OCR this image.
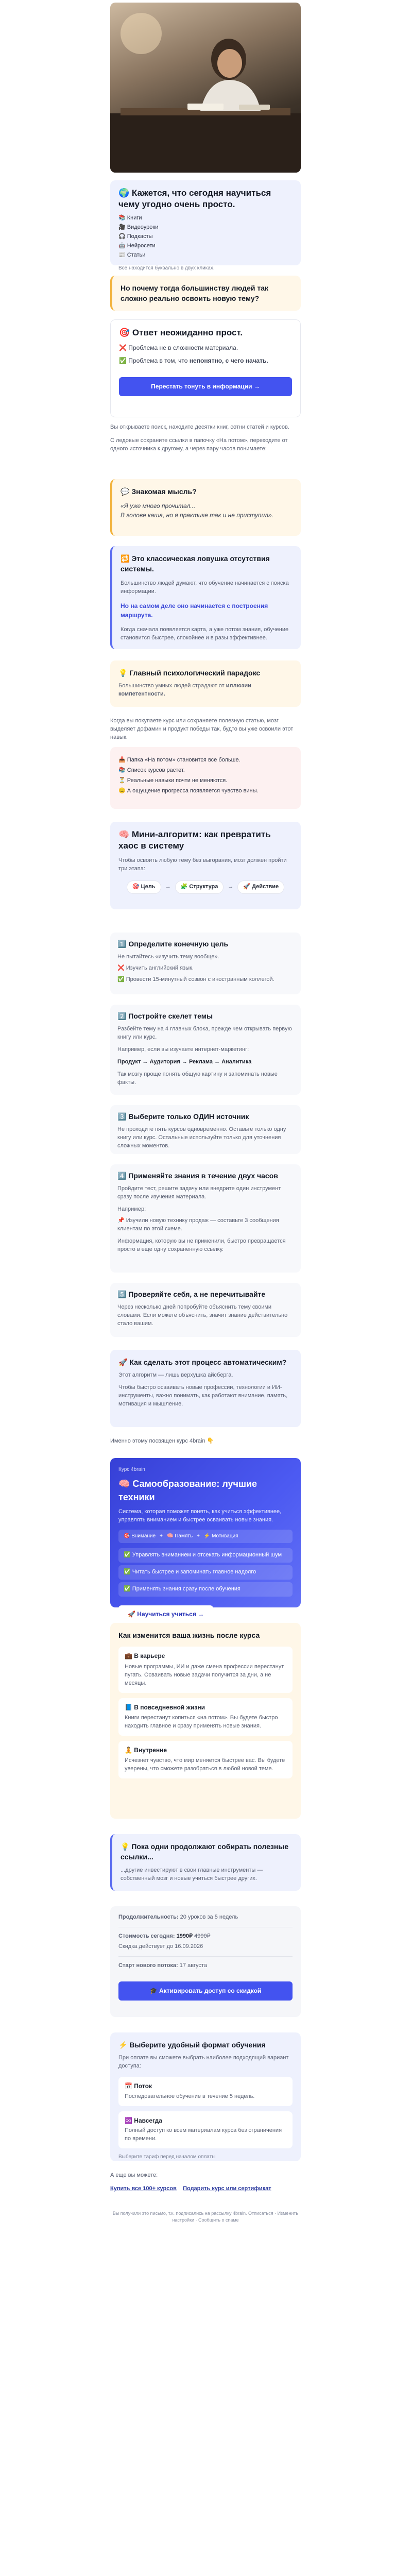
🌍 Кажется, что сегодня научиться чему угодно очень просто.
📚 Книги
🎥 Видеоуроки
🎧 Подкасты
🤖 Нейросети
📰 Статьи
Все находится буквально в двух кликах.
Но почему тогда большинству людей так сложно реально освоить новую тему?
🎯 Ответ неожиданно прост.
❌ Проблема не в сложности материала.
✅ Проблема в том, что непонятно, с чего начать.
Перестать тонуть в информации →
Вы открываете поиск, находите десятки книг, сотни статей и курсов.
С ледовые сохраните ссылки в папочку «На потом», переходите от одного источника к другому, а через пару часов понимаете:
💬 Знакомая мысль?
«Я уже много прочитал...
В голове каша, но я практике так и не приступил».
🔁 Это классическая ловушка отсутствия системы.
Большинство людей думают, что обучение начинается с поиска информации.
Но на самом деле оно начинается с построения маршрута.
Когда сначала появляется карта, а уже потом знания, обучение становится быстрее, спокойнее и в разы эффективнее.
💡 Главный психологический парадокс
Большинство умных людей страдают от иллюзии компетентности.
Когда вы покупаете курс или сохраняете полезную статью, мозг выделяет дофамин и продукт победы так, будто вы уже освоили этот навык.
📥 Папка «На потом» становится все больше.
📚 Список курсов растет.
⏳ Реальные навыки почти не меняются.
😐 А ощущение прогресса появляется чувство вины.
🧠 Мини-алгоритм: как превратить хаос в систему
Чтобы освоить любую тему без выгорания, мозг должен пройти три этапа:
🎯 Цель	→	🧩 Структура	→	🚀 Действие
1️⃣ Определите конечную цель
Не пытайтесь «изучить тему вообще».
❌ Изучить английский язык.
✅ Провести 15-минутный созвон с иностранным коллегой.
2️⃣ Постройте скелет темы
Разбейте тему на 4 главных блока, прежде чем открывать первую книгу или курс.
Например, если вы изучаете интернет-маркетинг:
Продукт → Аудитория → Реклама → Аналитика
Так мозгу проще понять общую картину и запоминать новые факты.
3️⃣ Выберите только ОДИН источник
Не проходите пять курсов одновременно. Оставьте только одну книгу или курс. Остальные используйте только для уточнения сложных моментов.
4️⃣ Применяйте знания в течение двух часов
Пройдите тест, решите задачу или внедрите один инструмент сразу после изучения материала.
Например:
📌 Изучили новую технику продаж — составьте 3 сообщения клиентам по этой схеме.
Информация, которую вы не применили, быстро превращается просто в еще одну сохраненную ссылку.
5️⃣ Проверяйте себя, а не перечитывайте
Через несколько дней попробуйте объяснить тему своими словами. Если можете объяснить, значит знание действительно стало вашим.
🚀 Как сделать этот процесс автоматическим?
Этот алгоритм — лишь верхушка айсберга.
Чтобы быстро осваивать новые профессии, технологии и ИИ-инструменты, важно понимать, как работают внимание, память, мотивация и мышление.
Именно этому посвящен курс 4brain 👇
Курс 4brain
🧠 Самообразование: лучшие техники
Система, которая поможет понять, как учиться эффективнее, управлять вниманием и быстрее осваивать новые знания.
🎯 Внимание + 🧠 Память + ⚡ Мотивация
✅ Управлять вниманием и отсекать информационный шум
✅ Читать быстрее и запоминать главное надолго
✅ Применять знания сразу после обучения
🚀 Научиться учиться →
Как изменится ваша жизнь после курса
💼 В карьере
Новые программы, ИИ и даже смена профессии перестанут пугать. Осваивать новые задачи получится за дни, а не месяцы.
📘 В повседневной жизни
Книги перестанут копиться «на потом». Вы будете быстро находить главное и сразу применять новые знания.
🧘 Внутренне
Исчезнет чувство, что мир меняется быстрее вас. Вы будете уверены, что сможете разобраться в любой новой теме.
💡 Пока одни продолжают собирать полезные ссылки...
...другие инвестируют в свои главные инструменты — собственный мозг и новые учиться быстрее других.
Продолжительность: 20 уроков за 5 недель
Стоимость сегодня: 1990₽ 4990₽
Скидка действует до 16.09.2026
Старт нового потока: 17 августа
🎓 Активировать доступ со скидкой
⚡ Выберите удобный формат обучения
При оплате вы сможете выбрать наиболее подходящий вариант доступа:
📅 Поток
Последовательное обучение в течение 5 недель.
♾️ Навсегда
Полный доступ ко всем материалам курса без ограничения по времени.
Выберите тариф перед началом оплаты
А еще вы можете:
Купить все 100+ курсов Подарить курс или сертификат
Вы получили это письмо, т.к. подписались на рассылку 4brain. Отписаться · Изменить настройки · Сообщить о спаме
